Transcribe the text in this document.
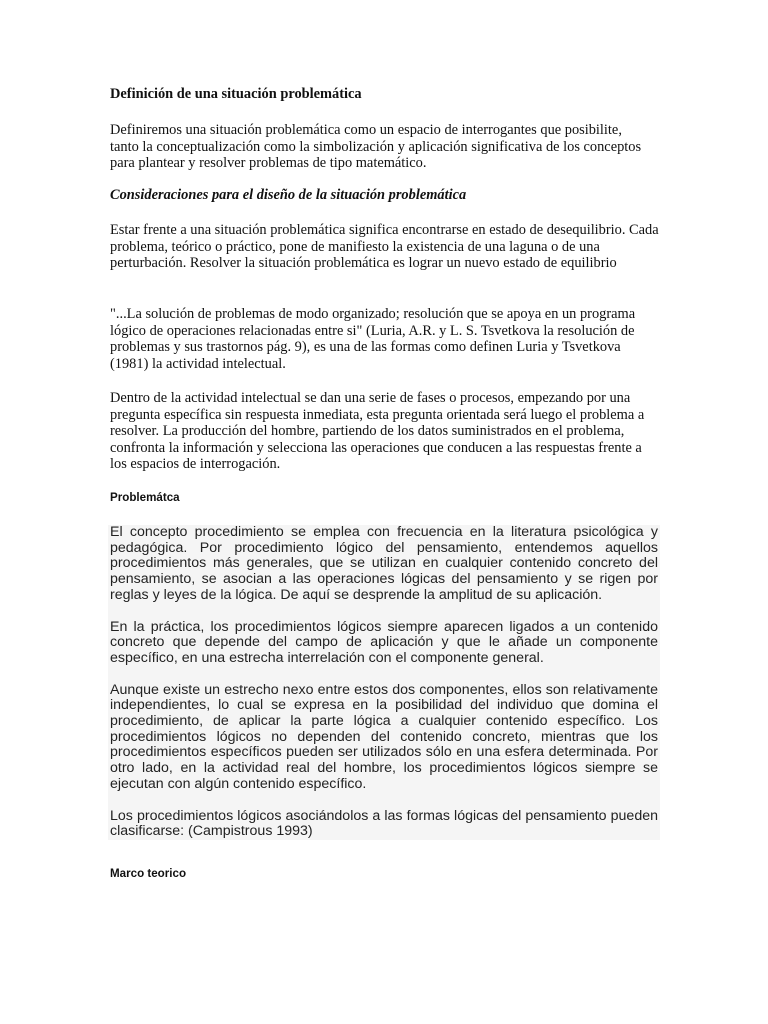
Definición de una situación problemática
Definiremos una situación problemática como un espacio de interrogantes que posibilite, tanto la conceptualización como la simbolización y aplicación significativa de los conceptos para plantear y resolver problemas de tipo matemático.
Consideraciones para el diseño de la situación problemática
Estar frente a una situación problemática significa encontrarse en estado de desequilibrio. Cada problema, teórico o práctico, pone de manifiesto la existencia de una laguna o de una perturbación. Resolver la situación problemática es lograr un nuevo estado de equilibrio
"...La solución de problemas de modo organizado; resolución que se apoya en un programa lógico de operaciones relacionadas entre si" (Luria, A.R. y L. S. Tsvetkova la resolución de problemas y sus trastornos pág. 9), es una de las formas como definen Luria y Tsvetkova (1981) la actividad intelectual.
Dentro de la actividad intelectual se dan una serie de fases o procesos, empezando por una pregunta específica sin respuesta inmediata, esta pregunta orientada será luego el problema a resolver. La producción del hombre, partiendo de los datos suministrados en el problema, confronta la información y selecciona las operaciones que conducen a las respuestas frente a los espacios de interrogación.
Problemátca

El concepto procedimiento se emplea con frecuencia en la literatura psicológica y pedagógica. Por procedimiento lógico del pensamiento, entendemos aquellos procedimientos más generales, que se utilizan en cualquier contenido concreto del pensamiento, se asocian a las operaciones lógicas del pensamiento y se rigen por reglas y leyes de la lógica. De aquí se desprende la amplitud de su aplicación.

En la práctica, los procedimientos lógicos siempre aparecen ligados a un contenido concreto que depende del campo de aplicación y que le añade un componente específico, en una estrecha interrelación con el componente general.

Aunque existe un estrecho nexo entre estos dos componentes, ellos son relativamente independientes, lo cual se expresa en la posibilidad del individuo que domina el procedimiento, de aplicar la parte lógica a cualquier contenido específico. Los procedimientos lógicos no dependen del contenido concreto, mientras que los procedimientos específicos pueden ser utilizados sólo en una esfera determinada. Por otro lado, en la actividad real del hombre, los procedimientos lógicos siempre se ejecutan con algún contenido específico.

Los procedimientos lógicos asociándolos a las formas lógicas del pensamiento pueden clasificarse: (Campistrous 1993)

Marco teorico
